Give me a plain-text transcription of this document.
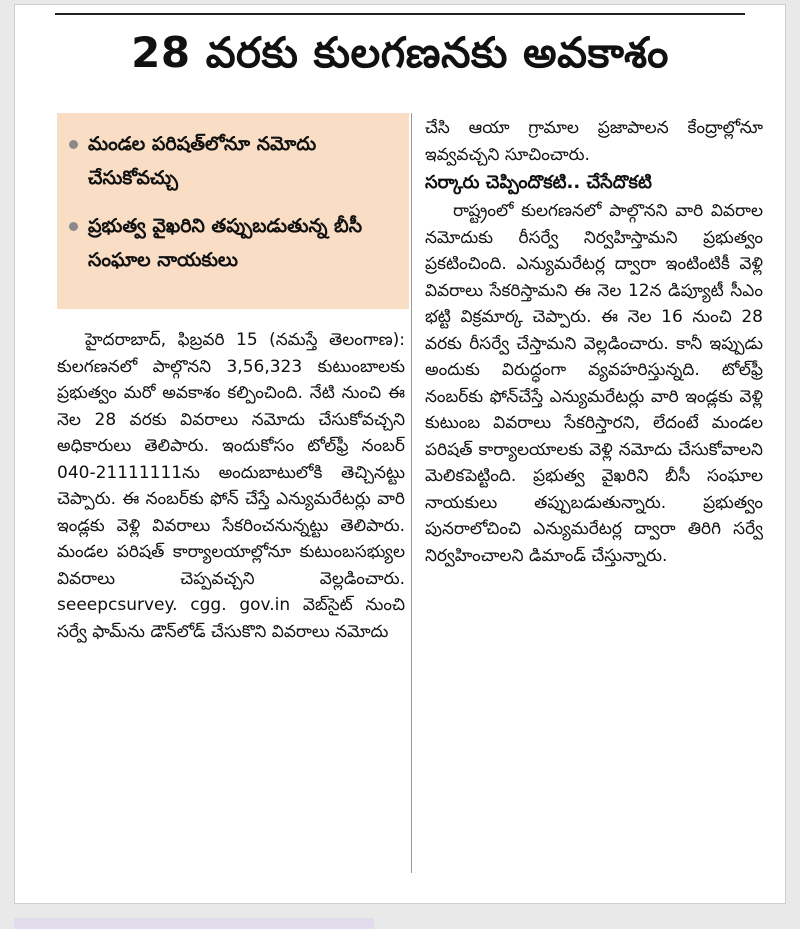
28 వరకు కులగణనకు అవకాశం
మండల పరిషత్‌లోనూ నమోదు చేసుకోవచ్చు
ప్రభుత్వ వైఖరిని తప్పుబడుతున్న బీసీ సంఘాల నాయకులు

హైదరాబాద్, ఫిబ్రవరి 15 (నమస్తే తెలంగాణ): కులగణనలో పాల్గొనని 3,56,323 కుటుంబాలకు ప్రభుత్వం మరో అవకాశం కల్పించింది. నేటి నుంచి ఈ నెల 28 వరకు వివరాలు నమోదు చేసుకోవచ్చని అధికారులు తెలిపారు. ఇందుకోసం టోల్‌ఫ్రీ నంబర్ 040-21111111ను అందుబాటులోకి తెచ్చినట్టు చెప్పారు. ఈ నంబర్‌కు ఫోన్ చేస్తే ఎన్యుమరేటర్లు వారి ఇండ్లకు వెళ్లి వివరాలు సేకరించనున్నట్టు తెలిపారు. మండల పరిషత్ కార్యాలయాల్లోనూ కుటుంబసభ్యుల వివరాలు చెప్పవచ్చని వెల్లడించారు. seeepcsurvey. cgg. gov.in వెబ్‌సైట్ నుంచి సర్వే ఫామ్‌ను డౌన్‌లోడ్ చేసుకొని వివరాలు నమోదు

చేసి ఆయా గ్రామాల ప్రజాపాలన కేంద్రాల్లోనూ ఇవ్వవచ్చని సూచించారు.

సర్కారు చెప్పిందొకటి.. చేసేదొకటి

రాష్ట్రంలో కులగణనలో పాల్గొనని వారి వివరాల నమోదుకు రీసర్వే నిర్వహిస్తామని ప్రభుత్వం ప్రకటించింది. ఎన్యుమరేటర్ల ద్వారా ఇంటింటికీ వెళ్లి వివరాలు సేకరిస్తామని ఈ నెల 12న డిప్యూటీ సీఎం భట్టి విక్రమార్క చెప్పారు. ఈ నెల 16 నుంచి 28 వరకు రీసర్వే చేస్తామని వెల్లడించారు. కానీ ఇప్పుడు అందుకు విరుద్ధంగా వ్యవహరిస్తున్నది. టోల్‌ఫ్రీ నంబర్‌కు ఫోన్‌చేస్తే ఎన్యుమరేటర్లు వారి ఇండ్లకు వెళ్లి కుటుంబ వివరాలు సేకరిస్తారని, లేదంటే మండల పరిషత్ కార్యాలయాలకు వెళ్లి నమోదు చేసుకోవాలని మెలికపెట్టింది. ప్రభుత్వ వైఖరిని బీసీ సంఘాల నాయకులు తప్పుబడుతున్నారు. ప్రభుత్వం పునరాలోచించి ఎన్యుమరేటర్ల ద్వారా తిరిగి సర్వే నిర్వహించాలని డిమాండ్ చేస్తున్నారు.
